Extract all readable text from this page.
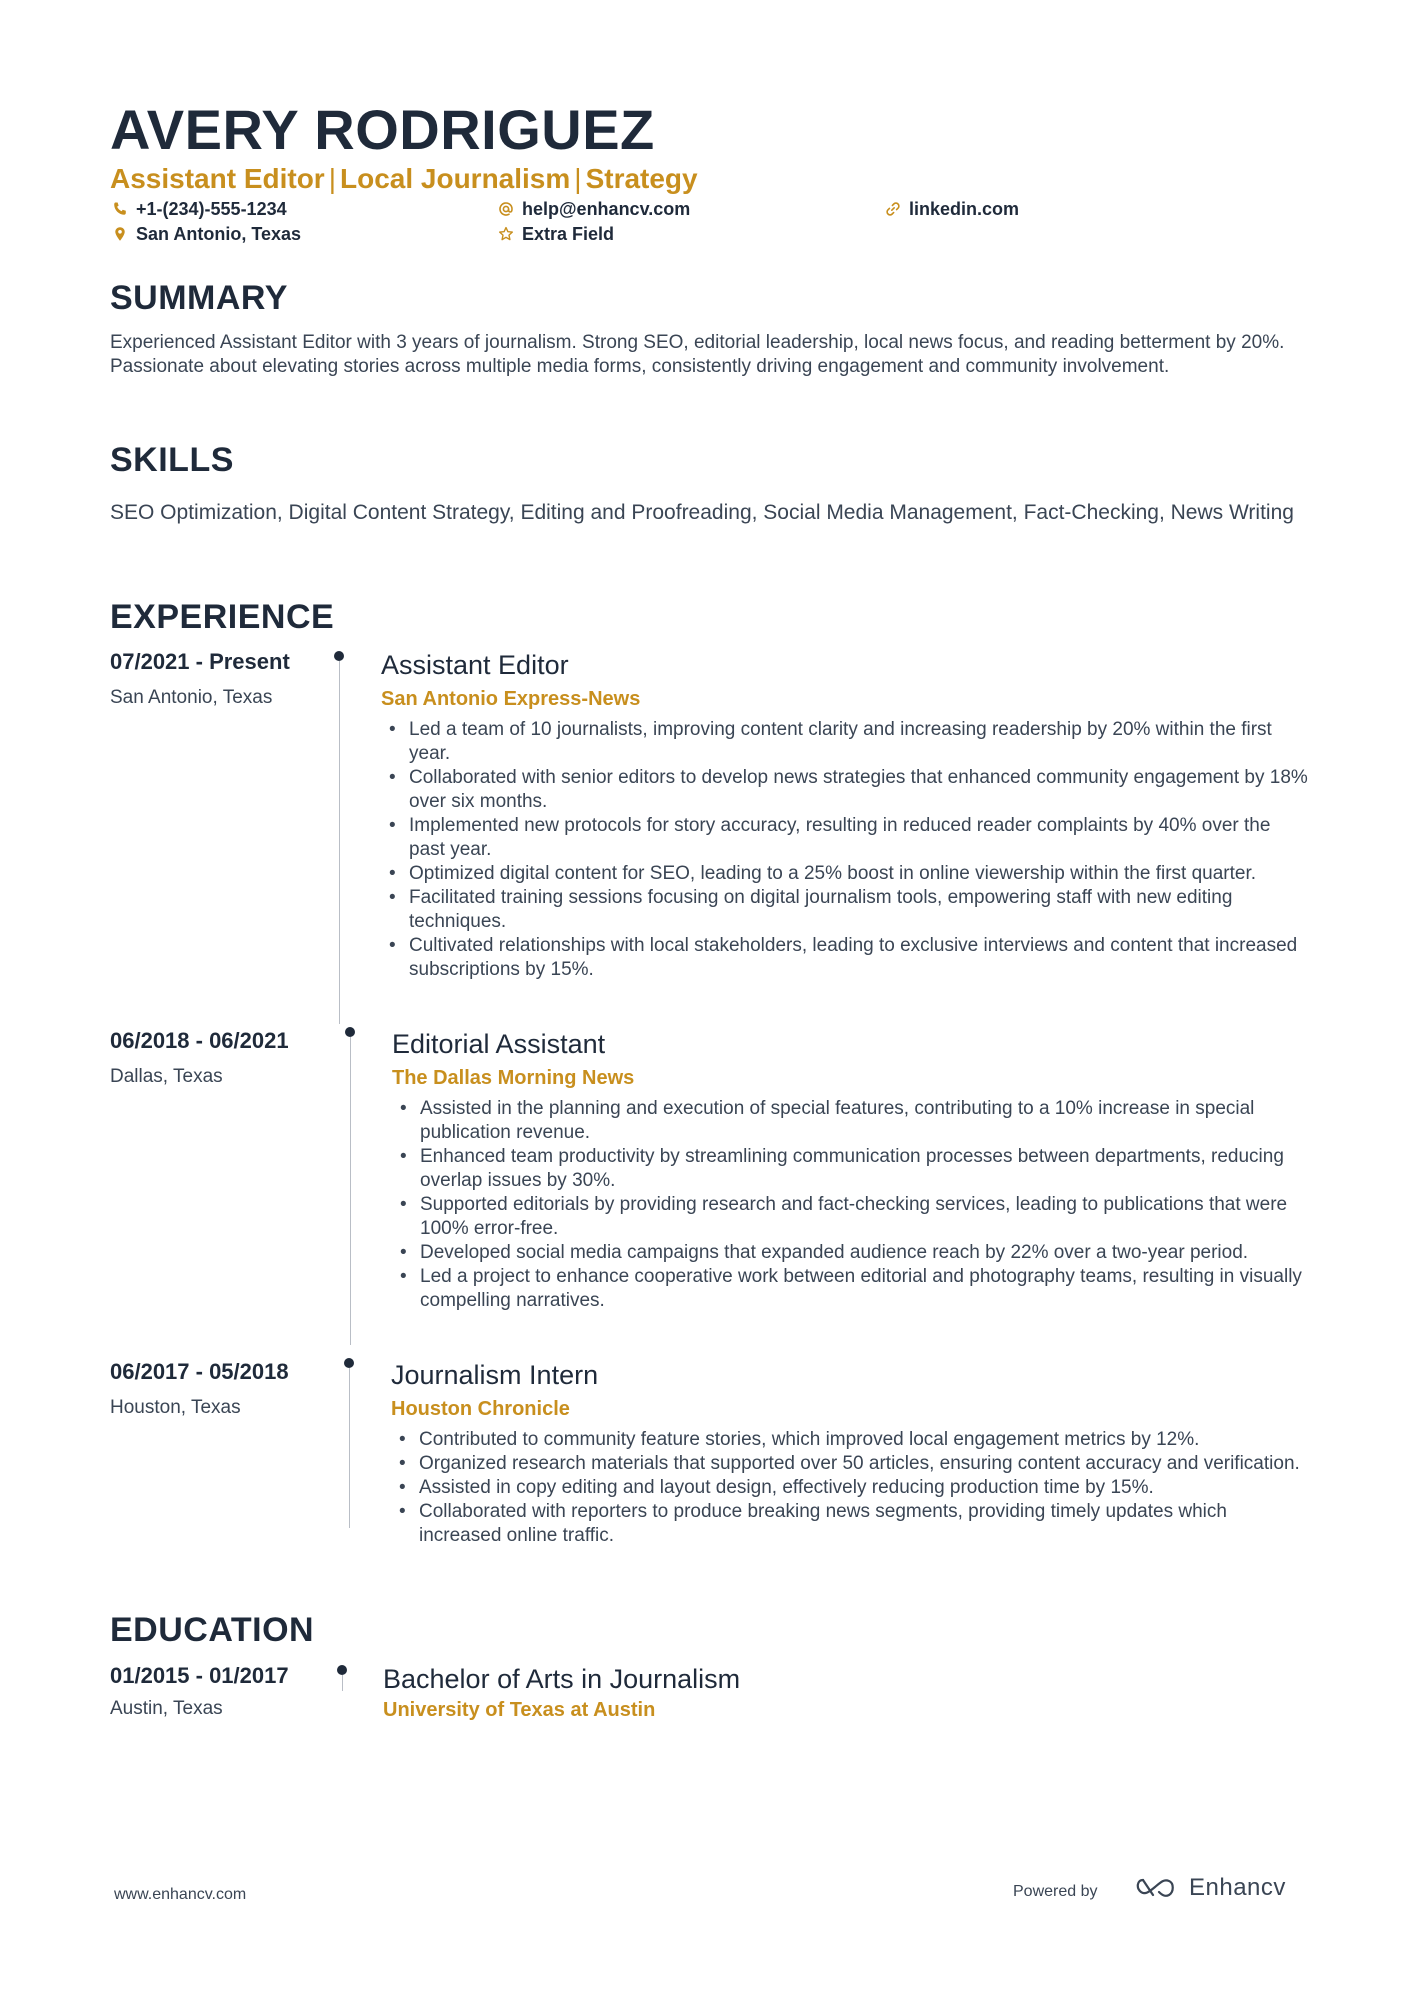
AVERY RODRIGUEZ
Assistant Editor | Local Journalism | Strategy
+1-(234)-555-1234	help@enhancv.com	linkedin.com
San Antonio, Texas	Extra Field
SUMMARY
Experienced Assistant Editor with 3 years of journalism. Strong SEO, editorial leadership, local news focus, and reading betterment by 20%. Passionate about elevating stories across multiple media forms, consistently driving engagement and community involvement.
SKILLS
SEO Optimization, Digital Content Strategy, Editing and Proofreading, Social Media Management, Fact-Checking, News Writing
EXPERIENCE
07/2021 - Present
San Antonio, Texas
Assistant Editor
San Antonio Express-News
• Led a team of 10 journalists, improving content clarity and increasing readership by 20% within the first year.
• Collaborated with senior editors to develop news strategies that enhanced community engagement by 18% over six months.
• Implemented new protocols for story accuracy, resulting in reduced reader complaints by 40% over the past year.
• Optimized digital content for SEO, leading to a 25% boost in online viewership within the first quarter.
• Facilitated training sessions focusing on digital journalism tools, empowering staff with new editing techniques.
• Cultivated relationships with local stakeholders, leading to exclusive interviews and content that increased subscriptions by 15%.
06/2018 - 06/2021
Dallas, Texas
Editorial Assistant
The Dallas Morning News
• Assisted in the planning and execution of special features, contributing to a 10% increase in special publication revenue.
• Enhanced team productivity by streamlining communication processes between departments, reducing overlap issues by 30%.
• Supported editorials by providing research and fact-checking services, leading to publications that were 100% error-free.
• Developed social media campaigns that expanded audience reach by 22% over a two-year period.
• Led a project to enhance cooperative work between editorial and photography teams, resulting in visually compelling narratives.
06/2017 - 05/2018
Houston, Texas
Journalism Intern
Houston Chronicle
• Contributed to community feature stories, which improved local engagement metrics by 12%.
• Organized research materials that supported over 50 articles, ensuring content accuracy and verification.
• Assisted in copy editing and layout design, effectively reducing production time by 15%.
• Collaborated with reporters to produce breaking news segments, providing timely updates which increased online traffic.
EDUCATION
01/2015 - 01/2017
Austin, Texas
Bachelor of Arts in Journalism
University of Texas at Austin
www.enhancv.com	Powered by	Enhancv
